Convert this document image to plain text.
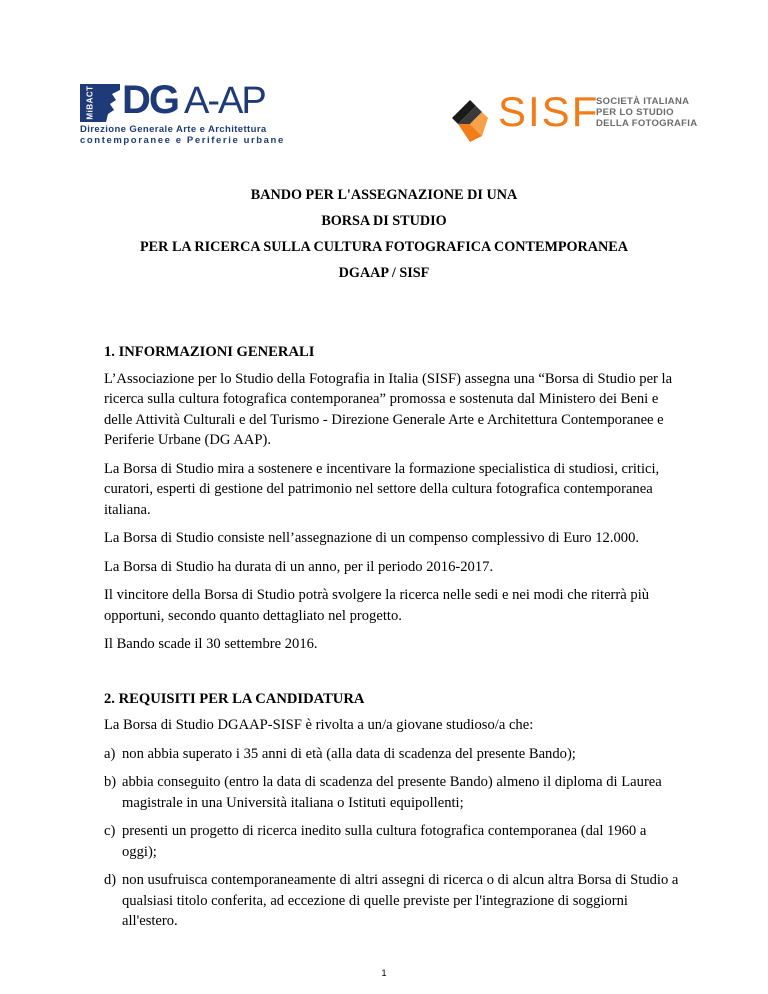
MiBACT DG A-AP
Direzione Generale Arte e Architettura
contemporanee e Periferie urbane
SISF
SOCIETÀ ITALIANA
PER LO STUDIO
DELLA FOTOGRAFIA
BANDO PER L'ASSEGNAZIONE DI UNA
BORSA DI STUDIO
PER LA RICERCA SULLA CULTURA FOTOGRAFICA CONTEMPORANEA
DGAAP / SISF
1. INFORMAZIONI GENERALI

L’Associazione per lo Studio della Fotografia in Italia (SISF) assegna una “Borsa di Studio per la ricerca sulla cultura fotografica contemporanea” promossa e sostenuta dal Ministero dei Beni e delle Attività Culturali e del Turismo - Direzione Generale Arte e Architettura Contemporanee e Periferie Urbane (DG AAP).

La Borsa di Studio mira a sostenere e incentivare la formazione specialistica di studiosi, critici, curatori, esperti di gestione del patrimonio nel settore della cultura fotografica contemporanea italiana.

La Borsa di Studio consiste nell’assegnazione di un compenso complessivo di Euro 12.000.

La Borsa di Studio ha durata di un anno, per il periodo 2016-2017.

Il vincitore della Borsa di Studio potrà svolgere la ricerca nelle sedi e nei modi che riterrà più opportuni, secondo quanto dettagliato nel progetto.

Il Bando scade il 30 settembre 2016.

2. REQUISITI PER LA CANDIDATURA

La Borsa di Studio DGAAP-SISF è rivolta a un/a giovane studioso/a che:

a) non abbia superato i 35 anni di età (alla data di scadenza del presente Bando);
b) abbia conseguito (entro la data di scadenza del presente Bando) almeno il diploma di Laurea magistrale in una Università italiana o Istituti equipollenti;
c) presenti un progetto di ricerca inedito sulla cultura fotografica contemporanea (dal 1960 a oggi);
d) non usufruisca contemporaneamente di altri assegni di ricerca o di alcun altra Borsa di Studio a qualsiasi titolo conferita, ad eccezione di quelle previste per l'integrazione di soggiorni all'estero.
1
